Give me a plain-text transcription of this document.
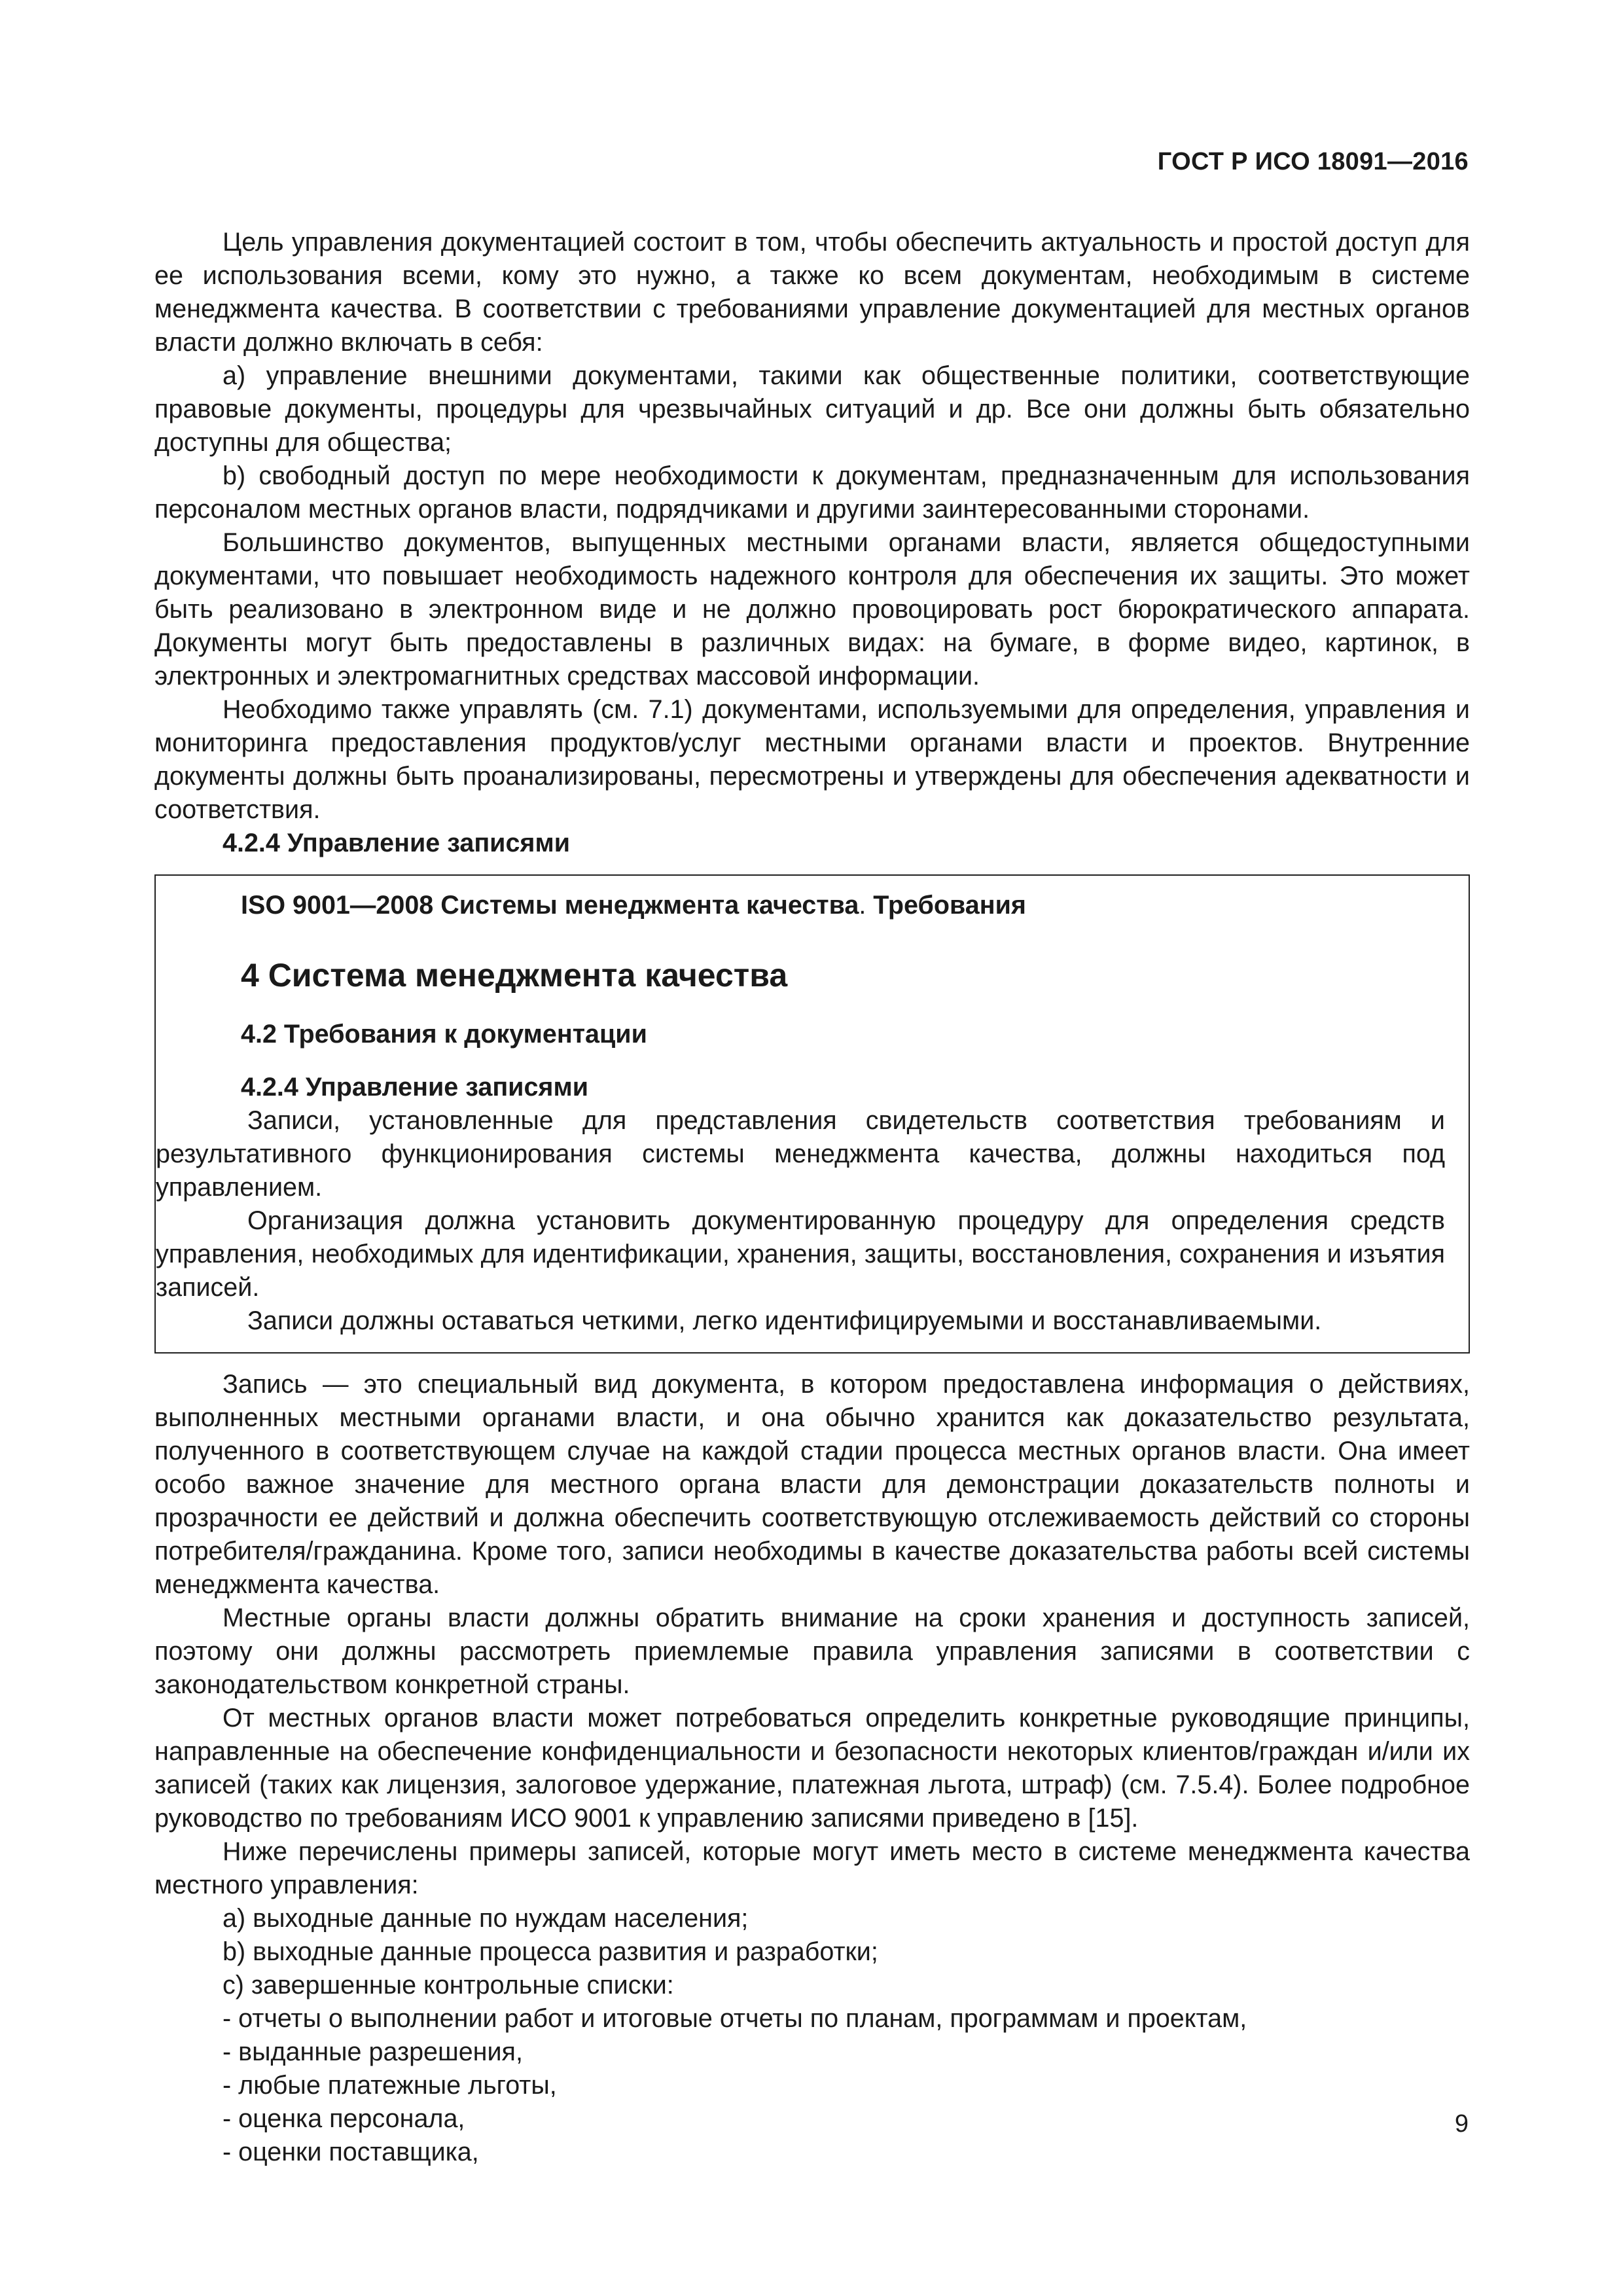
ГОСТ Р ИСО 18091—2016

Цель управления документацией состоит в том, чтобы обеспечить актуальность и простой доступ для ее использования всеми, кому это нужно, а также ко всем документам, необходимым в системе менеджмента качества. В соответствии с требованиями управление документацией для местных органов власти должно включать в себя:

a) управление внешними документами, такими как общественные политики, соответствующие правовые документы, процедуры для чрезвычайных ситуаций и др. Все они должны быть обязательно доступны для общества;

b) свободный доступ по мере необходимости к документам, предназначенным для использования персоналом местных органов власти, подрядчиками и другими заинтересованными сторонами.

Большинство документов, выпущенных местными органами власти, является общедоступными документами, что повышает необходимость надежного контроля для обеспечения их защиты. Это может быть реализовано в электронном виде и не должно провоцировать рост бюрократического аппарата. Документы могут быть предоставлены в различных видах: на бумаге, в форме видео, картинок, в электронных и электромагнитных средствах массовой информации.

Необходимо также управлять (см. 7.1) документами, используемыми для определения, управления и мониторинга предоставления продуктов/услуг местными органами власти и проектов. Внутренние документы должны быть проанализированы, пересмотрены и утверждены для обеспечения адекватности и соответствия.

4.2.4 Управление записями

ISO 9001—2008 Системы менеджмента качества. Требования

4 Система менеджмента качества

4.2 Требования к документации

4.2.4 Управление записями

Записи, установленные для представления свидетельств соответствия требованиям и результативного функционирования системы менеджмента качества, должны находиться под управлением.

Организация должна установить документированную процедуру для определения средств управления, необходимых для идентификации, хранения, защиты, восстановления, сохранения и изъятия записей.

Записи должны оставаться четкими, легко идентифицируемыми и восстанавливаемыми.

Запись — это специальный вид документа, в котором предоставлена информация о действиях, выполненных местными органами власти, и она обычно хранится как доказательство результата, полученного в соответствующем случае на каждой стадии процесса местных органов власти. Она имеет особо важное значение для местного органа власти для демонстрации доказательств полноты и прозрачности ее действий и должна обеспечить соответствующую отслеживаемость действий со стороны потребителя/гражданина. Кроме того, записи необходимы в качестве доказательства работы всей системы менеджмента качества.

Местные органы власти должны обратить внимание на сроки хранения и доступность записей, поэтому они должны рассмотреть приемлемые правила управления записями в соответствии с законодательством конкретной страны.

От местных органов власти может потребоваться определить конкретные руководящие принципы, направленные на обеспечение конфиденциальности и безопасности некоторых клиентов/граждан и/или их записей (таких как лицензия, залоговое удержание, платежная льгота, штраф) (см. 7.5.4). Более подробное руководство по требованиям ИСО 9001 к управлению записями приведено в [15].

Ниже перечислены примеры записей, которые могут иметь место в системе менеджмента качества местного управления:

a) выходные данные по нуждам населения;

b) выходные данные процесса развития и разработки;

c) завершенные контрольные списки:

- отчеты о выполнении работ и итоговые отчеты по планам, программам и проектам,

- выданные разрешения,

- любые платежные льготы,

- оценка персонала,

- оценки поставщика,

9
